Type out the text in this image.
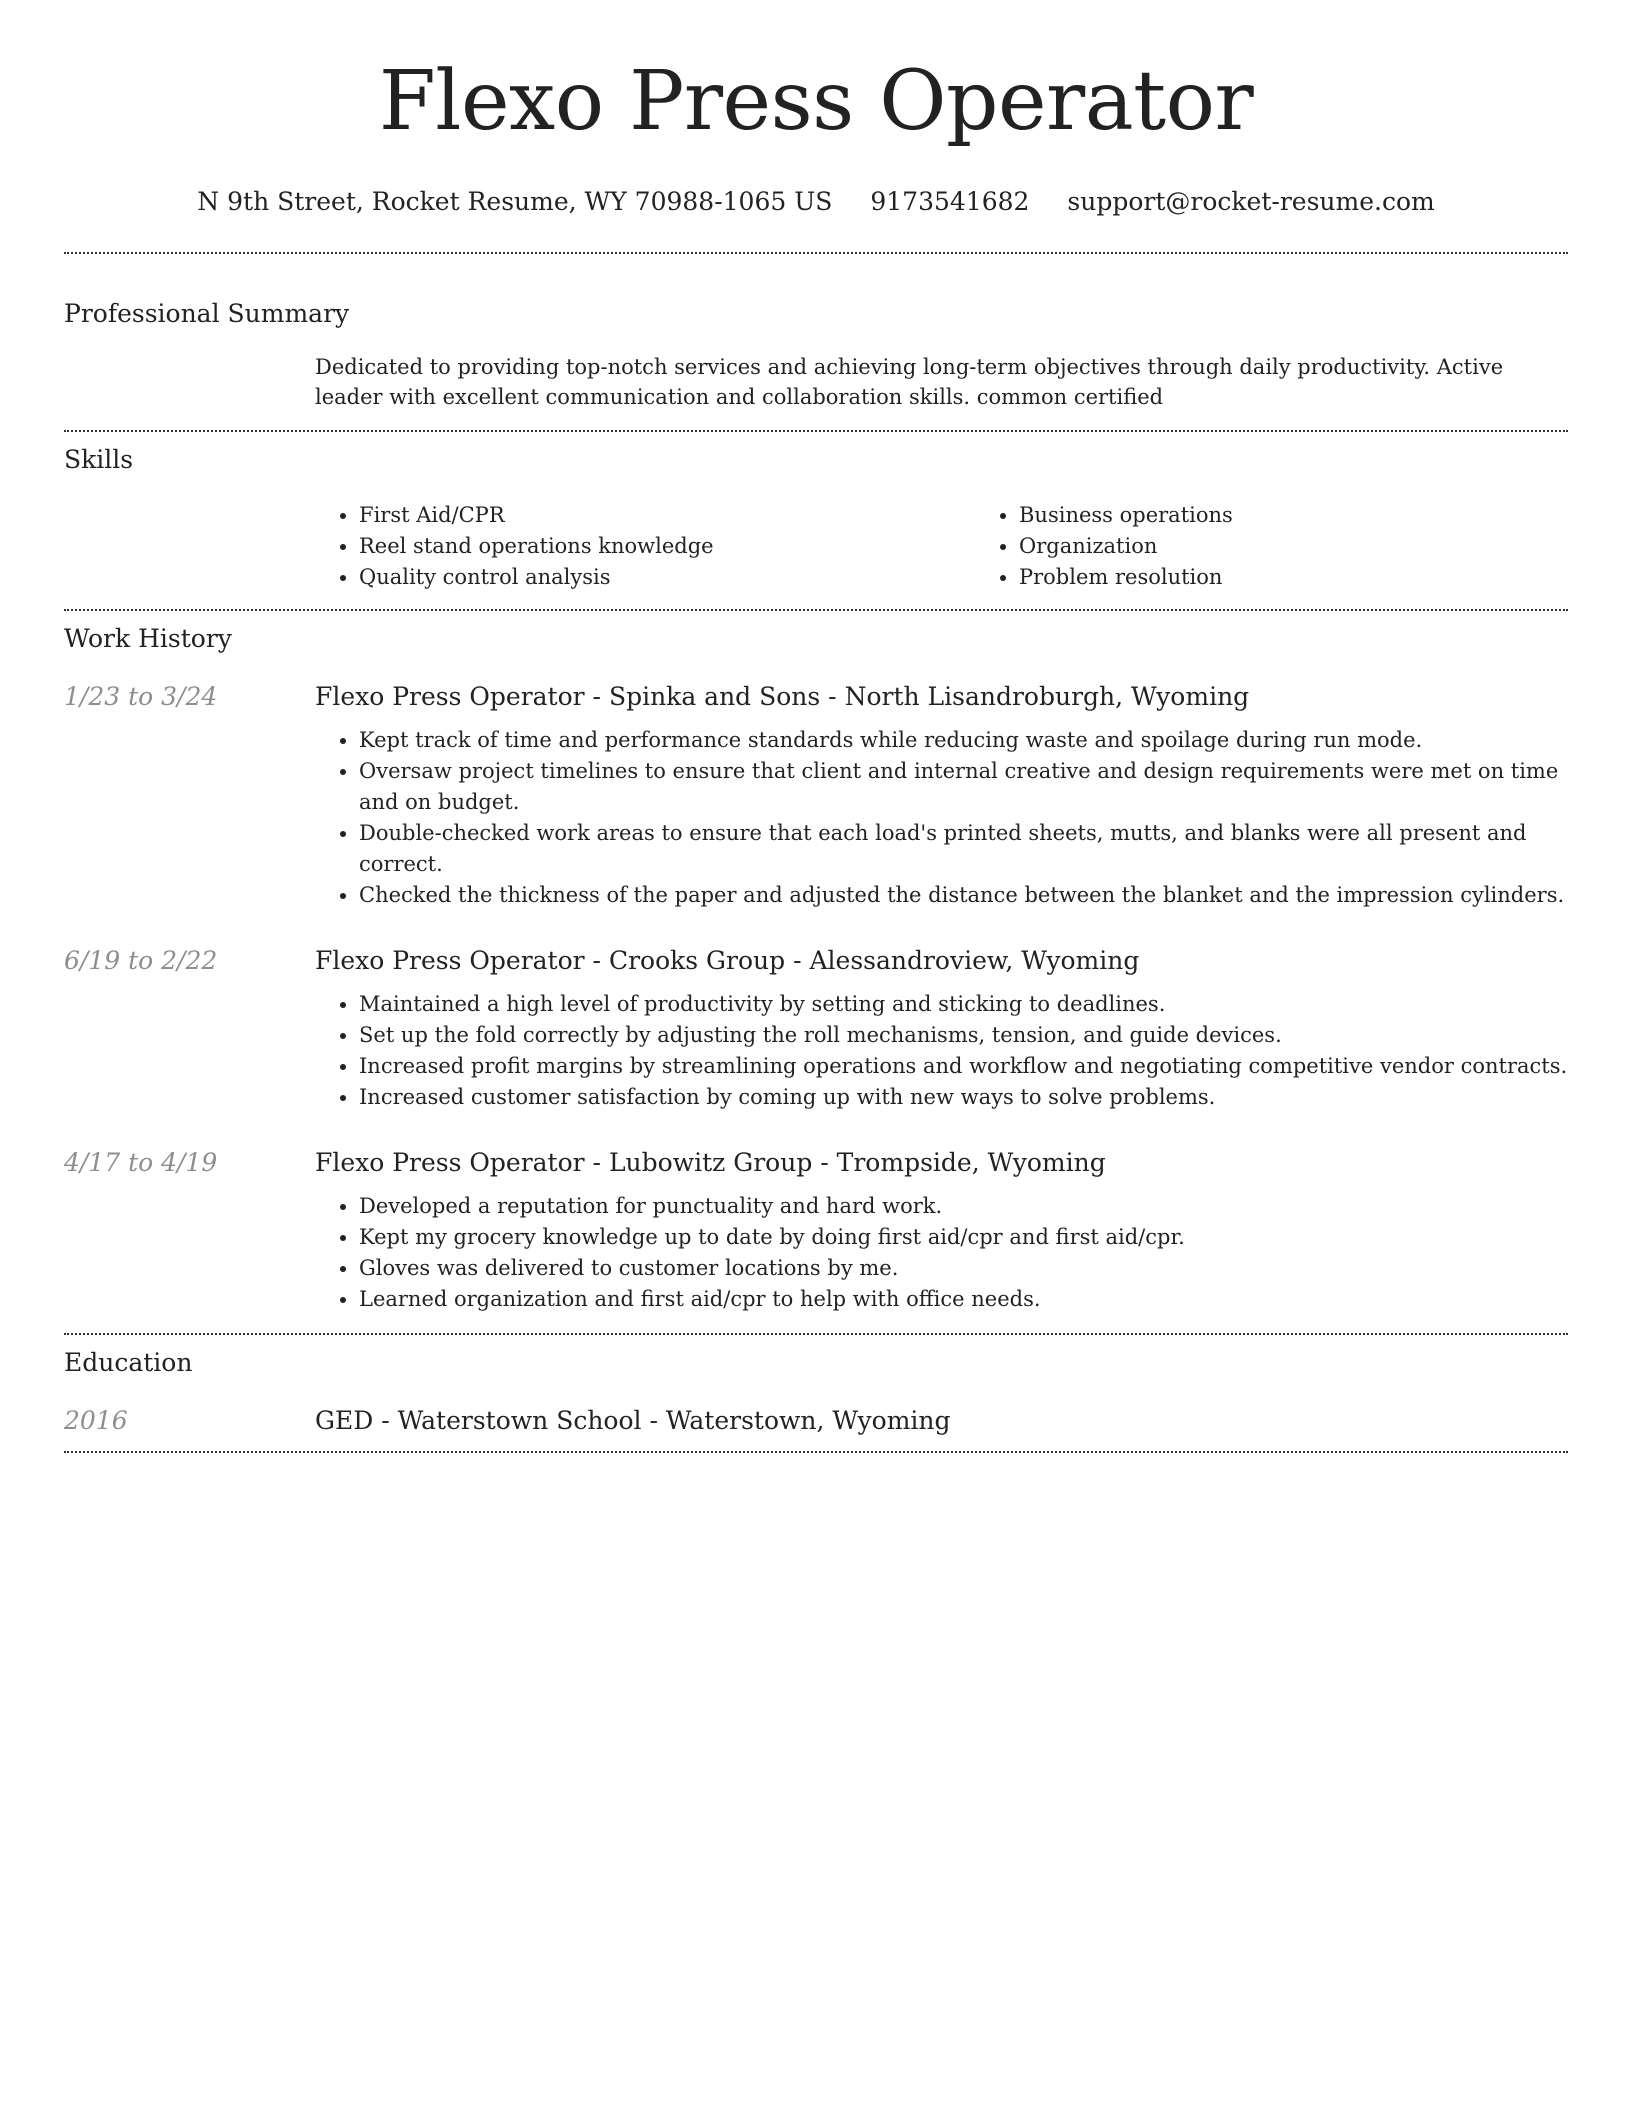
Flexo Press Operator
N 9th Street, Rocket Resume, WY 70988-1065 US 9173541682 support@rocket-resume.com
Professional Summary

Dedicated to providing top-notch services and achieving long-term objectives through daily productivity. Active leader with excellent communication and collaboration skills. common certified

Skills
• First Aid/CPR
• Reel stand operations knowledge
• Quality control analysis
• Business operations
• Organization
• Problem resolution
Work History
1/23 to 3/24	Flexo Press Operator - Spinka and Sons - North Lisandroburgh, Wyoming
• Kept track of time and performance standards while reducing waste and spoilage during run mode.
• Oversaw project timelines to ensure that client and internal creative and design requirements were met on time and on budget.
• Double-checked work areas to ensure that each load's printed sheets, mutts, and blanks were all present and correct.
• Checked the thickness of the paper and adjusted the distance between the blanket and the impression cylinders.
6/19 to 2/22	Flexo Press Operator - Crooks Group - Alessandroview, Wyoming
• Maintained a high level of productivity by setting and sticking to deadlines.
• Set up the fold correctly by adjusting the roll mechanisms, tension, and guide devices.
• Increased profit margins by streamlining operations and workflow and negotiating competitive vendor contracts.
• Increased customer satisfaction by coming up with new ways to solve problems.
4/17 to 4/19	Flexo Press Operator - Lubowitz Group - Trompside, Wyoming
• Developed a reputation for punctuality and hard work.
• Kept my grocery knowledge up to date by doing first aid/cpr and first aid/cpr.
• Gloves was delivered to customer locations by me.
• Learned organization and first aid/cpr to help with office needs.
Education
2016	GED - Waterstown School - Waterstown, Wyoming
